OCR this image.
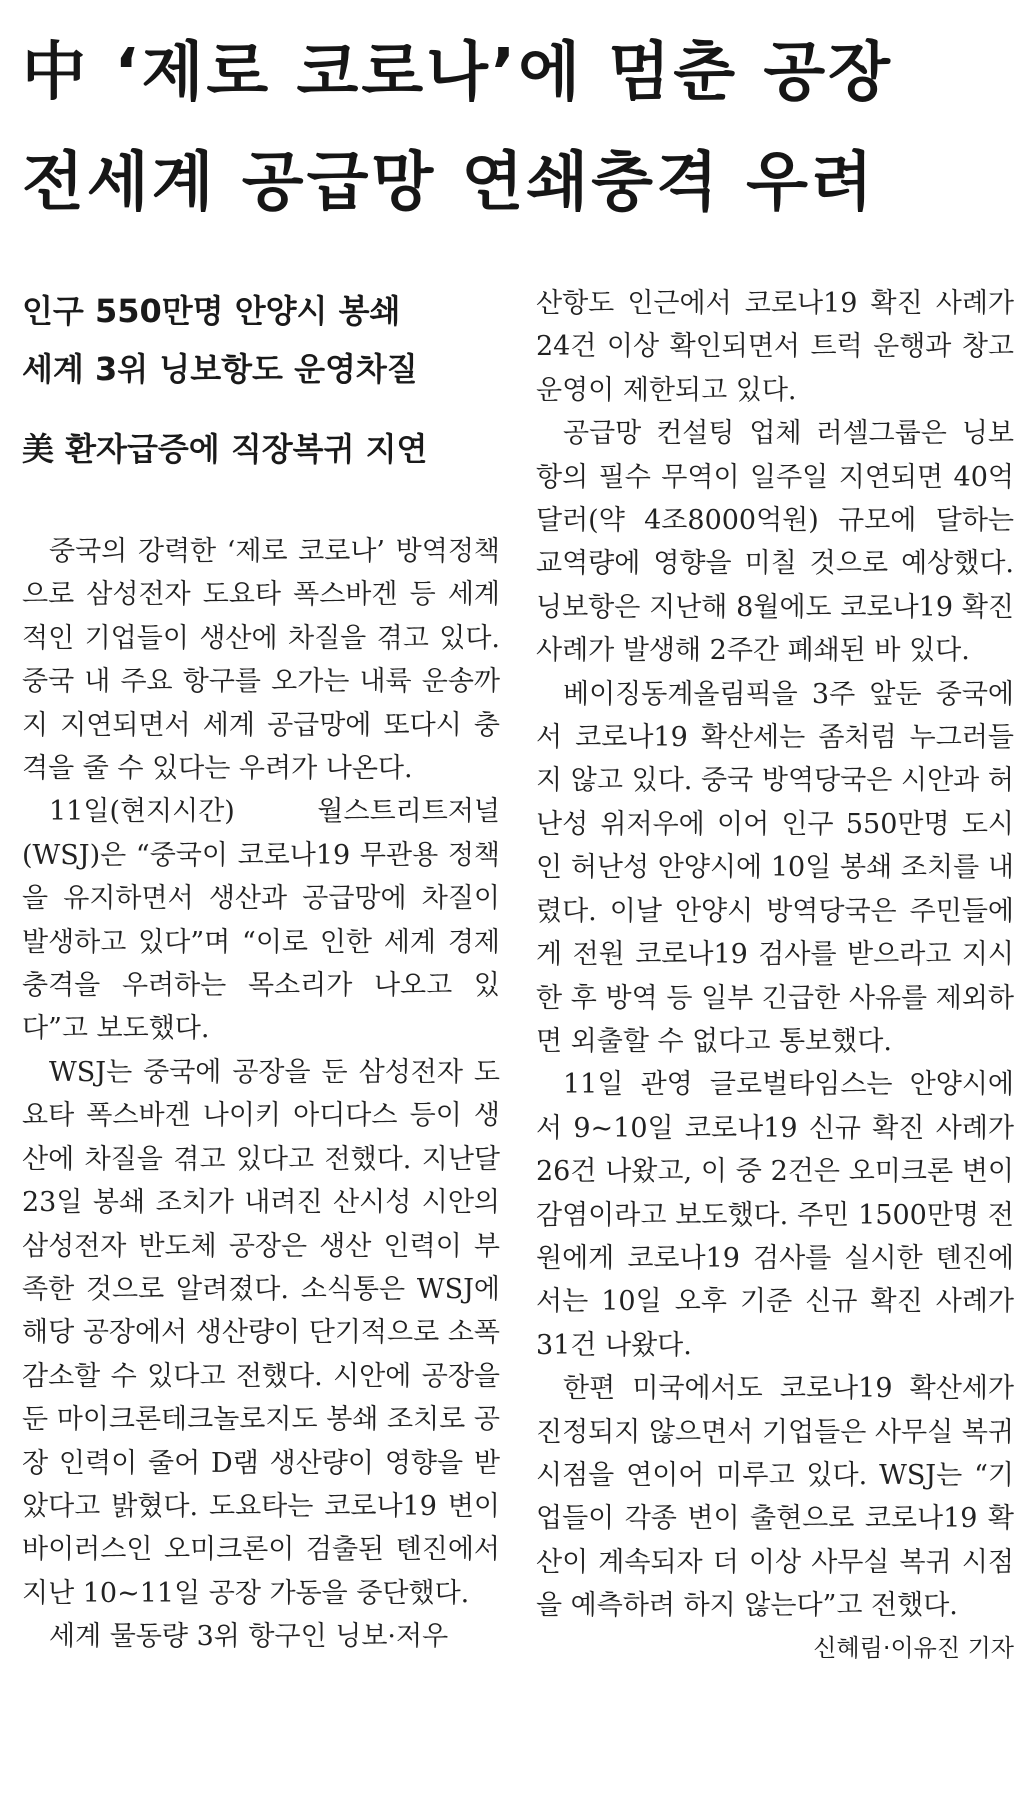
中 ‘제로 코로나’에 멈춘 공장
전세계 공급망 연쇄충격 우려
인구 550만명 안양시 봉쇄
세계 3위 닝보항도 운영차질
美 환자급증에 직장복귀 지연

중국의 강력한 ‘제로 코로나’ 방역정책으로 삼성전자 도요타 폭스바겐 등 세계적인 기업들이 생산에 차질을 겪고 있다. 중국 내 주요 항구를 오가는 내륙 운송까지 지연되면서 세계 공급망에 또다시 충격을 줄 수 있다는 우려가 나온다.

11일(현지시간) 월스트리트저널(WSJ)은 “중국이 코로나19 무관용 정책을 유지하면서 생산과 공급망에 차질이 발생하고 있다”며 “이로 인한 세계 경제 충격을 우려하는 목소리가 나오고 있다”고 보도했다.

WSJ는 중국에 공장을 둔 삼성전자 도요타 폭스바겐 나이키 아디다스 등이 생산에 차질을 겪고 있다고 전했다. 지난달 23일 봉쇄 조치가 내려진 산시성 시안의 삼성전자 반도체 공장은 생산 인력이 부족한 것으로 알려졌다. 소식통은 WSJ에 해당 공장에서 생산량이 단기적으로 소폭 감소할 수 있다고 전했다. 시안에 공장을 둔 마이크론테크놀로지도 봉쇄 조치로 공장 인력이 줄어 D램 생산량이 영향을 받았다고 밝혔다. 도요타는 코로나19 변이 바이러스인 오미크론이 검출된 톈진에서 지난 10~11일 공장 가동을 중단했다.

세계 물동량 3위 항구인 닝보·저우

산항도 인근에서 코로나19 확진 사례가 24건 이상 확인되면서 트럭 운행과 창고 운영이 제한되고 있다.

공급망 컨설팅 업체 러셀그룹은 닝보항의 필수 무역이 일주일 지연되면 40억달러(약 4조8000억원) 규모에 달하는 교역량에 영향을 미칠 것으로 예상했다. 닝보항은 지난해 8월에도 코로나19 확진 사례가 발생해 2주간 폐쇄된 바 있다.

베이징동계올림픽을 3주 앞둔 중국에서 코로나19 확산세는 좀처럼 누그러들지 않고 있다. 중국 방역당국은 시안과 허난성 위저우에 이어 인구 550만명 도시인 허난성 안양시에 10일 봉쇄 조치를 내렸다. 이날 안양시 방역당국은 주민들에게 전원 코로나19 검사를 받으라고 지시한 후 방역 등 일부 긴급한 사유를 제외하면 외출할 수 없다고 통보했다.

11일 관영 글로벌타임스는 안양시에서 9~10일 코로나19 신규 확진 사례가 26건 나왔고, 이 중 2건은 오미크론 변이 감염이라고 보도했다. 주민 1500만명 전원에게 코로나19 검사를 실시한 톈진에서는 10일 오후 기준 신규 확진 사례가 31건 나왔다.

한편 미국에서도 코로나19 확산세가 진정되지 않으면서 기업들은 사무실 복귀 시점을 연이어 미루고 있다. WSJ는 “기업들이 각종 변이 출현으로 코로나19 확산이 계속되자 더 이상 사무실 복귀 시점을 예측하려 하지 않는다”고 전했다.

신혜림·이유진 기자
